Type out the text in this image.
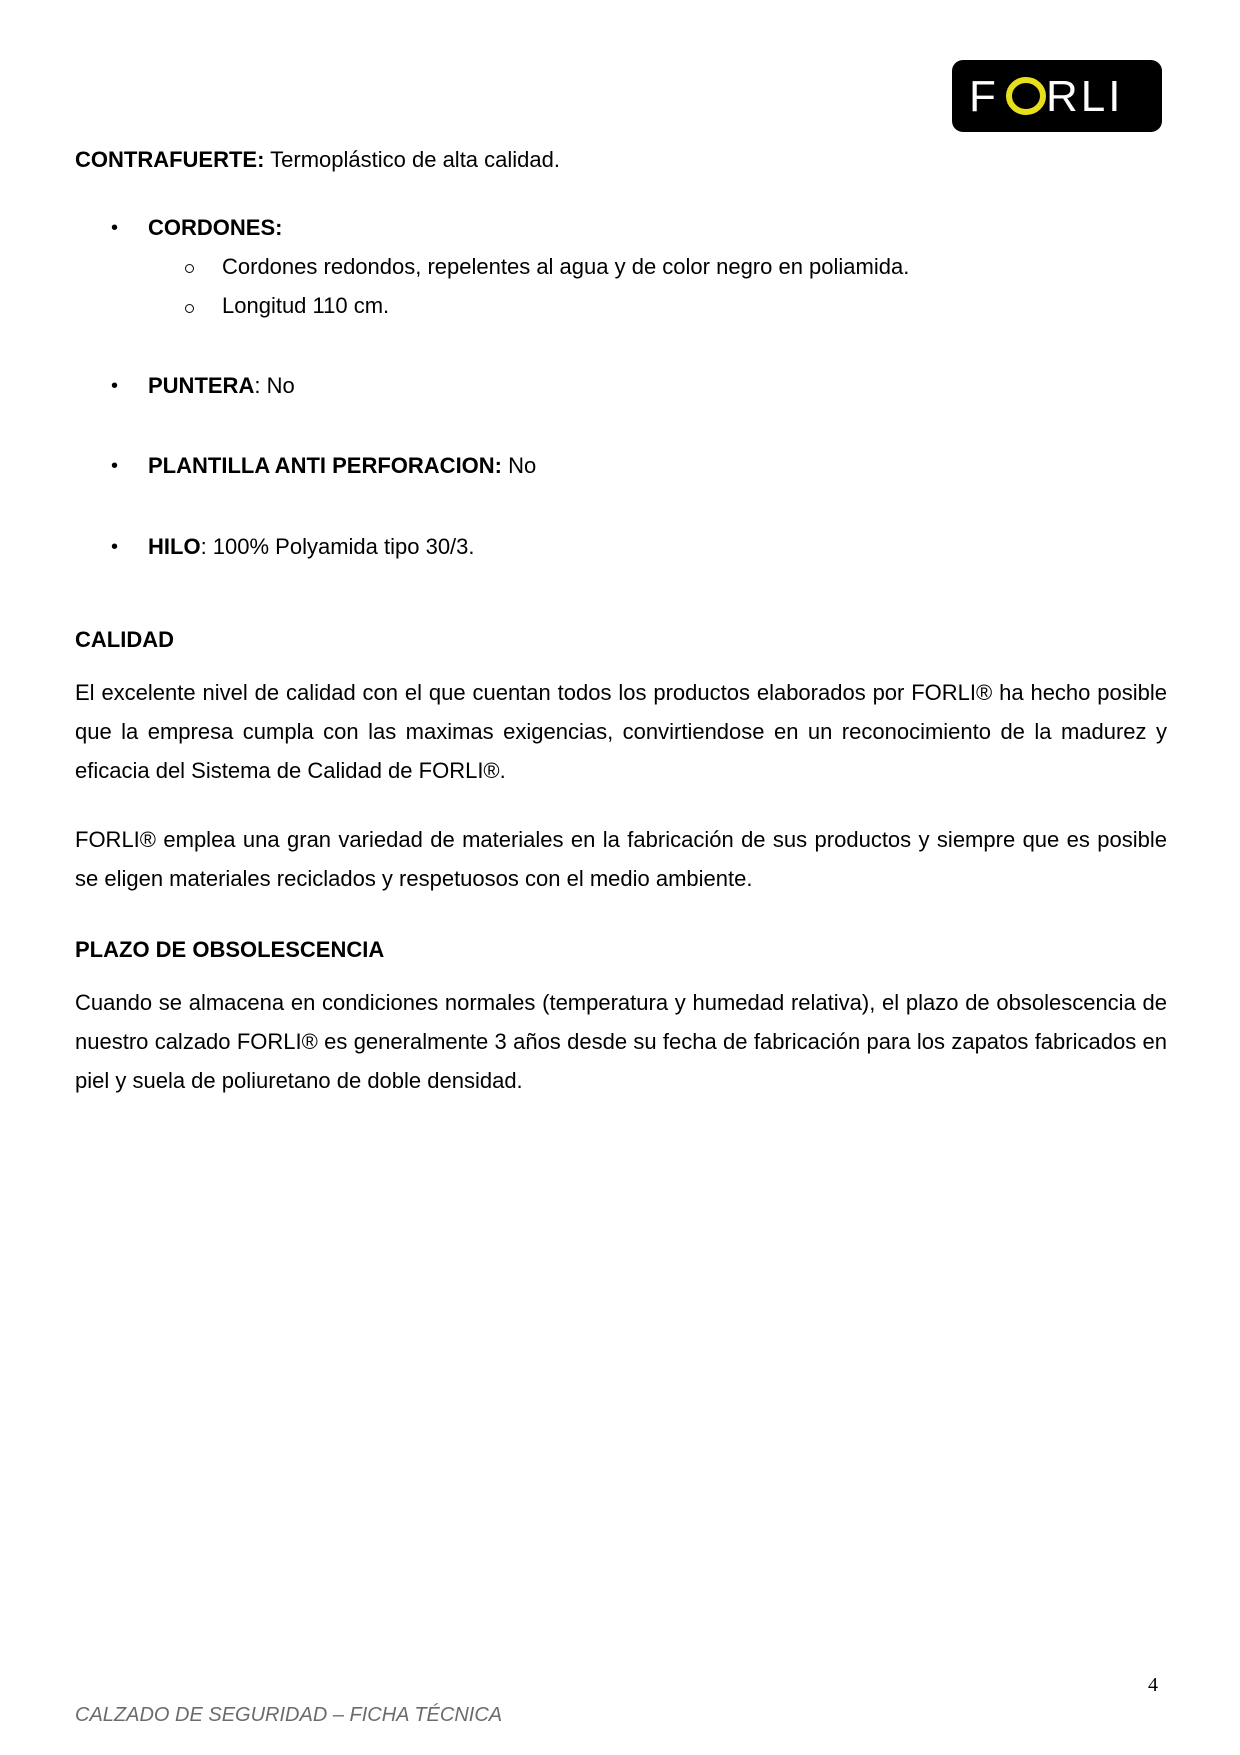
F RLI
CONTRAFUERTE: Termoplástico de alta calidad.
• CORDONES:
Cordones redondos, repelentes al agua y de color negro en poliamida.
Longitud 110 cm.
• PUNTERA: No
• PLANTILLA ANTI PERFORACION: No
• HILO: 100% Polyamida tipo 30/3.
CALIDAD
El excelente nivel de calidad con el que cuentan todos los productos elaborados por FORLI® ha hecho posible que la empresa cumpla con las maximas exigencias, convirtiendose en un reconocimiento de la madurez y eficacia del Sistema de Calidad de FORLI®.
FORLI® emplea una gran variedad de materiales en la fabricación de sus productos y siempre que es posible se eligen materiales reciclados y respetuosos con el medio ambiente.
PLAZO DE OBSOLESCENCIA
Cuando se almacena en condiciones normales (temperatura y humedad relativa), el plazo de obsolescencia de nuestro calzado FORLI® es generalmente 3 años desde su fecha de fabricación para los zapatos fabricados en piel y suela de poliuretano de doble densidad.
4
CALZADO DE SEGURIDAD – FICHA TÉCNICA
